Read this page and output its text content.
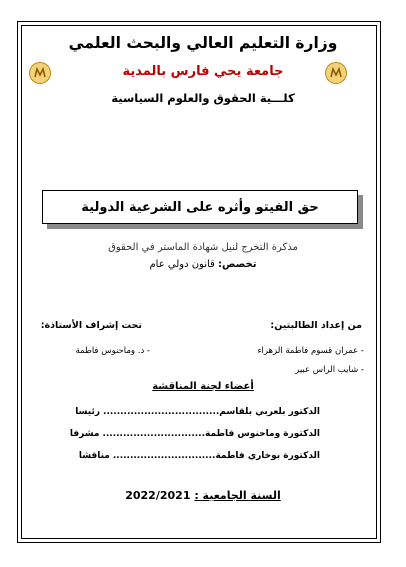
وزارة التعليم العالي والبحث العلمي
جامعة يحي فارس بالمدية
كلـــية الحقوق والعلوم السياسية
حق الفيتو وأثره على الشرعية الدولية
مذكرة التخرج لنيل شهادة الماستر في الحقوق
تخصص: قانون دولي عام
من إعداد الطالبتين:
تحت إشراف الأستاذة:
- عمران قسوم فاطمة الزهراء
- شايب الراس عبير
- د. وماحنوس فاطمة
أعضاء لجنة المناقشة
الدكتور بلعربي بلقاسم..................................رئيسا
الدكتورة وماحنوس فاطمة..............................مشرفا
الدكتورة بوخاري فاطمة..............................مناقشا
السنة الجامعية : 2022/2021
